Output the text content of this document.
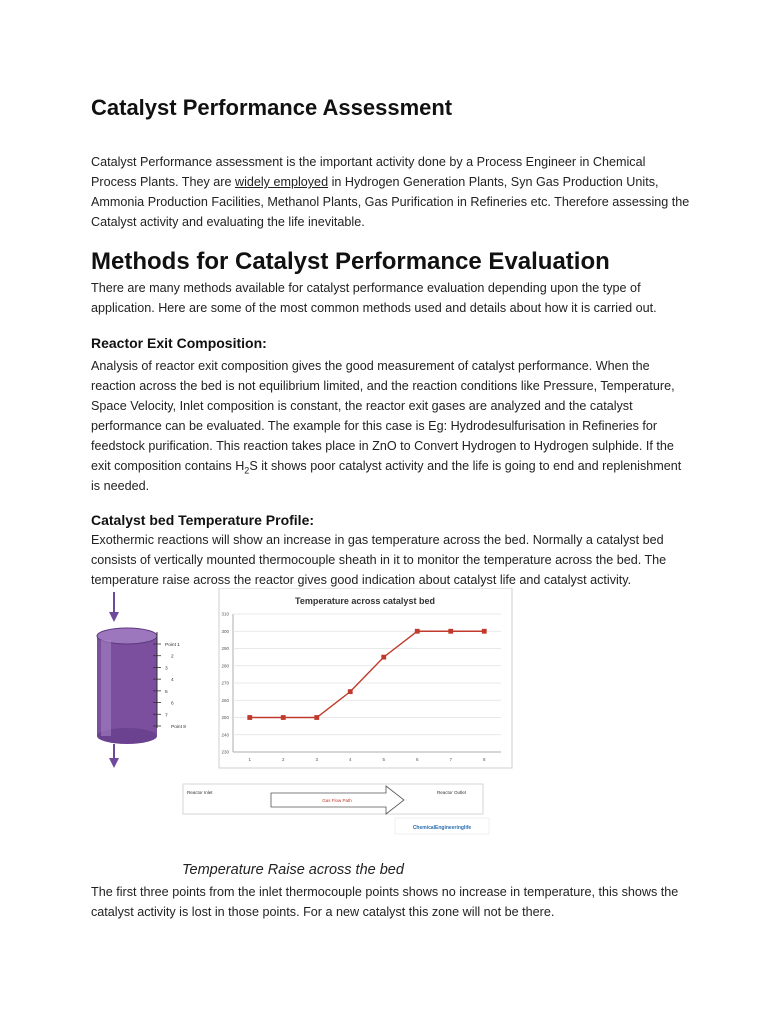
Catalyst Performance Assessment

Catalyst Performance assessment is the important activity done by a Process Engineer in Chemical Process Plants. They are widely employed in Hydrogen Generation Plants, Syn Gas Production Units, Ammonia Production Facilities, Methanol Plants, Gas Purification in Refineries etc. Therefore assessing the Catalyst activity and evaluating the life inevitable.

Methods for Catalyst Performance Evaluation

There are many methods available for catalyst performance evaluation depending upon the type of application. Here are some of the most common methods used and details about how it is carried out.

Reactor Exit Composition:

Analysis of reactor exit composition gives the good measurement of catalyst performance. When the reaction across the bed is not equilibrium limited, and the reaction conditions like Pressure, Temperature, Space Velocity, Inlet composition is constant, the reactor exit gases are analyzed and the catalyst performance can be evaluated. The example for this case is Eg: Hydrodesulfurisation in Refineries for feedstock purification. This reaction takes place in ZnO to Convert Hydrogen to Hydrogen sulphide. If the exit composition contains $H_2S$ it shows poor catalyst activity and the life is going to end and replenishment is needed.

Catalyst bed Temperature Profile:

Exothermic reactions will show an increase in gas temperature across the bed. Normally a catalyst bed consists of vertically mounted thermocouple sheath in it to monitor the temperature across the bed. The temperature raise across the reactor gives good indication about catalyst life and catalyst activity.

The first three points from the inlet thermocouple points shows no increase in temperature, this shows the catalyst activity is lost in those points. For a new catalyst this zone will not be there.

Point 1
2
3
4
5
6
7
Point 8
Temperature across catalyst bed
230
240
250
260
270
280
290
300
310
1	2	3	4	5	6	7	8
Reactor Inlet
Gas Flow Path
Reactor Outlet
ChemicalEngineeringlife
Temperature Raise across the bed
